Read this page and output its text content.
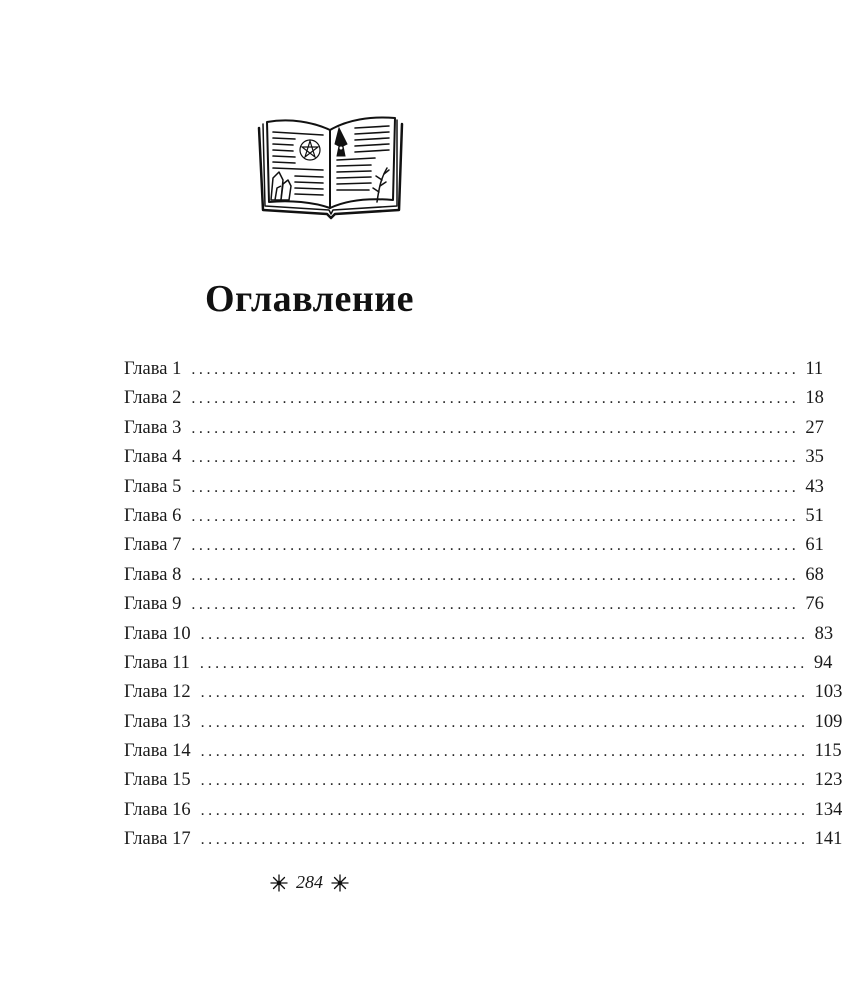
Оглавление
Глава 1 ................................................................................ 11
Глава 2 ................................................................................ 18
Глава 3 ................................................................................ 27
Глава 4 ................................................................................ 35
Глава 5 ................................................................................ 43
Глава 6 ................................................................................ 51
Глава 7 ................................................................................ 61
Глава 8 ................................................................................ 68
Глава 9 ................................................................................ 76
Глава 10 ................................................................................ 83
Глава 11 ................................................................................ 94
Глава 12 ................................................................................ 103
Глава 13 ................................................................................ 109
Глава 14 ................................................................................ 115
Глава 15 ................................................................................ 123
Глава 16 ................................................................................ 134
Глава 17 ................................................................................ 141
284
